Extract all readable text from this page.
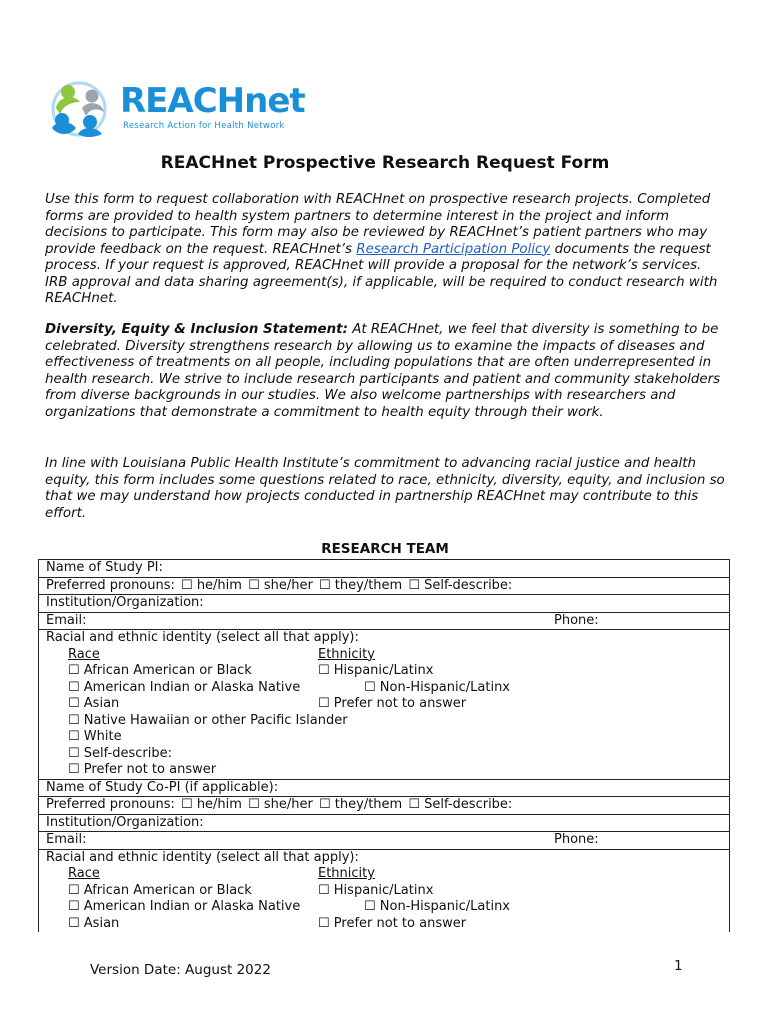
REACHnet
Research Action for Health Network
REACHnet Prospective Research Request Form

Use this form to request collaboration with REACHnet on prospective research projects. Completed forms are provided to health system partners to determine interest in the project and inform decisions to participate. This form may also be reviewed by REACHnet’s patient partners who may provide feedback on the request. REACHnet’s Research Participation Policy documents the request process. If your request is approved, REACHnet will provide a proposal for the network’s services. IRB approval and data sharing agreement(s), if applicable, will be required to conduct research with REACHnet.

Diversity, Equity & Inclusion Statement: At REACHnet, we feel that diversity is something to be celebrated. Diversity strengthens research by allowing us to examine the impacts of diseases and effectiveness of treatments on all people, including populations that are often underrepresented in health research. We strive to include research participants and patient and community stakeholders from diverse backgrounds in our studies. We also welcome partnerships with researchers and organizations that demonstrate a commitment to health equity through their work.

In line with Louisiana Public Health Institute’s commitment to advancing racial justice and health equity, this form includes some questions related to race, ethnicity, diversity, equity, and inclusion so that we may understand how projects conducted in partnership REACHnet may contribute to this effort.

RESEARCH TEAM
Name of Study PI:
Preferred pronouns: ☐ he/him ☐ she/her ☐ they/them ☐ Self-describe:
Institution/Organization:
Email:	Phone:
Racial and ethnic identity (select all that apply):
Race	Ethnicity
☐ African American or Black	☐ Hispanic/Latinx
☐ American Indian or Alaska Native	☐ Non-Hispanic/Latinx
☐ Asian	☐ Prefer not to answer
☐ Native Hawaiian or other Pacific Islander
☐ White
☐ Self-describe:
☐ Prefer not to answer
Name of Study Co-PI (if applicable):
Preferred pronouns: ☐ he/him ☐ she/her ☐ they/them ☐ Self-describe:
Institution/Organization:
Email:	Phone:
Racial and ethnic identity (select all that apply):
Race	Ethnicity
☐ African American or Black	☐ Hispanic/Latinx
☐ American Indian or Alaska Native	☐ Non-Hispanic/Latinx
☐ Asian	☐ Prefer not to answer
Version Date: August 2022	1
